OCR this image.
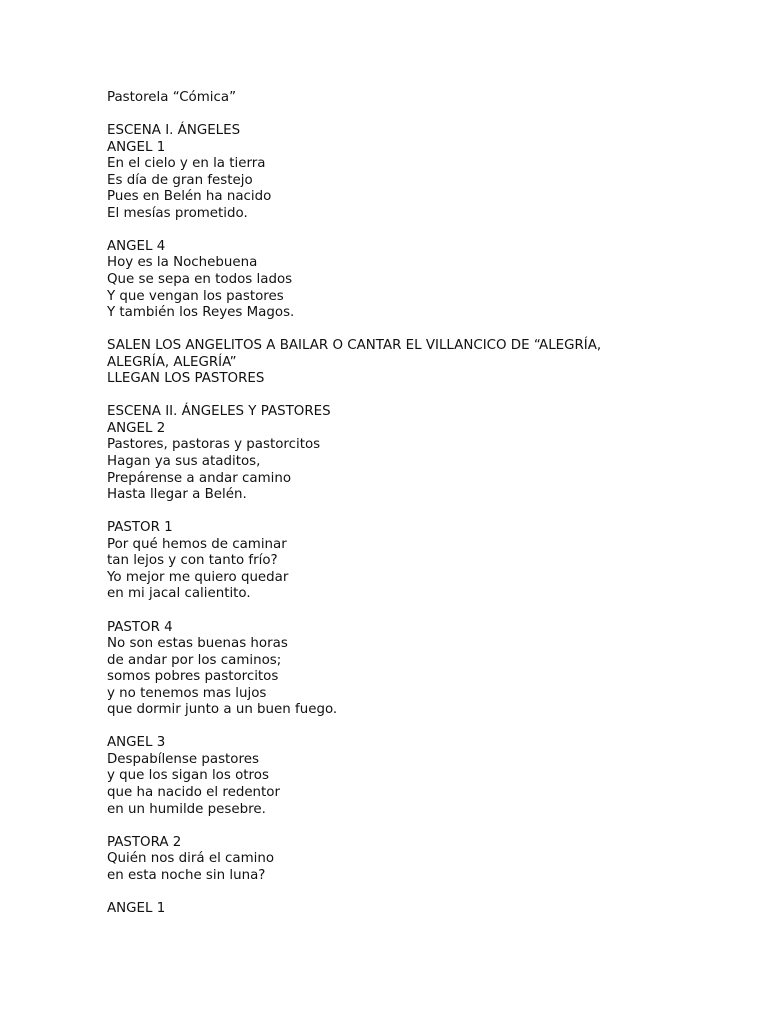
Pastorela “Cómica”
ESCENA I. ÁNGELES
ANGEL 1
En el cielo y en la tierra
Es día de gran festejo
Pues en Belén ha nacido
El mesías prometido.
ANGEL 4
Hoy es la Nochebuena
Que se sepa en todos lados
Y que vengan los pastores
Y también los Reyes Magos.
SALEN LOS ANGELITOS A BAILAR O CANTAR EL VILLANCICO DE “ALEGRÍA,
ALEGRÍA, ALEGRÍA”
LLEGAN LOS PASTORES
ESCENA II. ÁNGELES Y PASTORES
ANGEL 2
Pastores, pastoras y pastorcitos
Hagan ya sus ataditos,
Prepárense a andar camino
Hasta llegar a Belén.
PASTOR 1
Por qué hemos de caminar
tan lejos y con tanto frío?
Yo mejor me quiero quedar
en mi jacal calientito.
PASTOR 4
No son estas buenas horas
de andar por los caminos;
somos pobres pastorcitos
y no tenemos mas lujos
que dormir junto a un buen fuego.
ANGEL 3
Despabílense pastores
y que los sigan los otros
que ha nacido el redentor
en un humilde pesebre.
PASTORA 2
Quién nos dirá el camino
en esta noche sin luna?
ANGEL 1
